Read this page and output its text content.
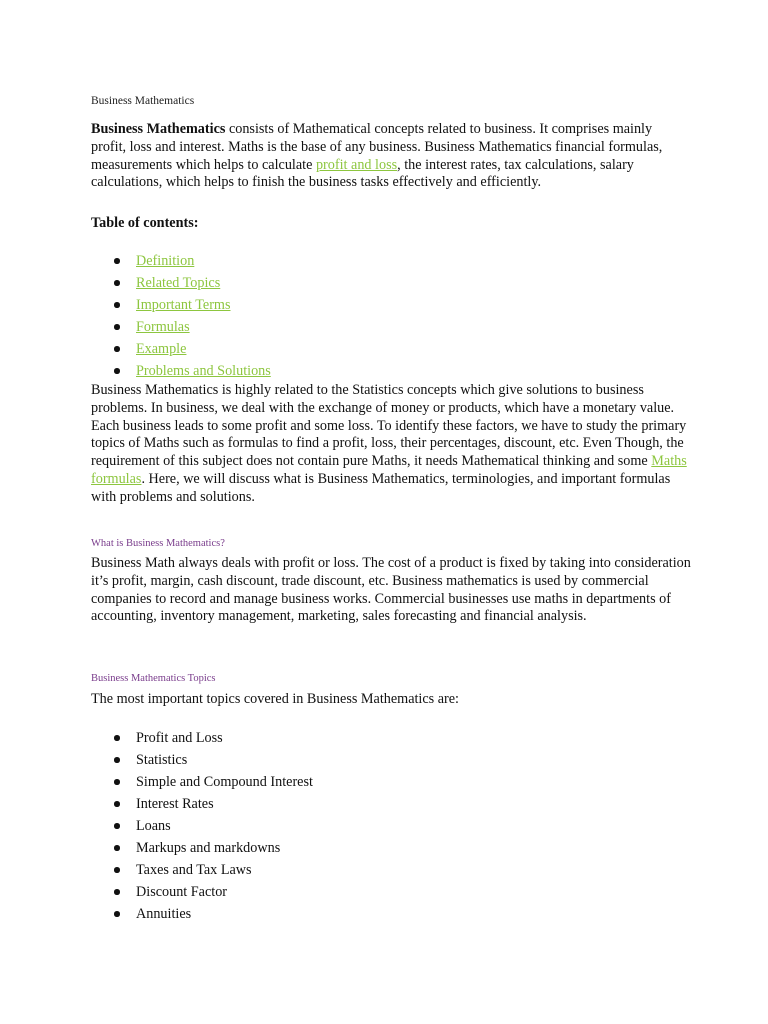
Business Mathematics

Business Mathematics consists of Mathematical concepts related to business. It comprises mainly profit, loss and interest. Maths is the base of any business. Business Mathematics financial formulas, measurements which helps to calculate profit and loss, the interest rates, tax calculations, salary calculations, which helps to finish the business tasks effectively and efficiently.

Table of contents:
Definition
Related Topics
Important Terms
Formulas
Example
Problems and Solutions

Business Mathematics is highly related to the Statistics concepts which give solutions to business problems. In business, we deal with the exchange of money or products, which have a monetary value. Each business leads to some profit and some loss. To identify these factors, we have to study the primary topics of Maths such as formulas to find a profit, loss, their percentages, discount, etc. Even Though, the requirement of this subject does not contain pure Maths, it needs Mathematical thinking and some Maths formulas. Here, we will discuss what is Business Mathematics, terminologies, and important formulas with problems and solutions.

What is Business Mathematics?

Business Math always deals with profit or loss. The cost of a product is fixed by taking into consideration it’s profit, margin, cash discount, trade discount, etc. Business mathematics is used by commercial companies to record and manage business works. Commercial businesses use maths in departments of accounting, inventory management, marketing, sales forecasting and financial analysis.

Business Mathematics Topics

The most important topics covered in Business Mathematics are:

Profit and Loss
Statistics
Simple and Compound Interest
Interest Rates
Loans
Markups and markdowns
Taxes and Tax Laws
Discount Factor
Annuities
